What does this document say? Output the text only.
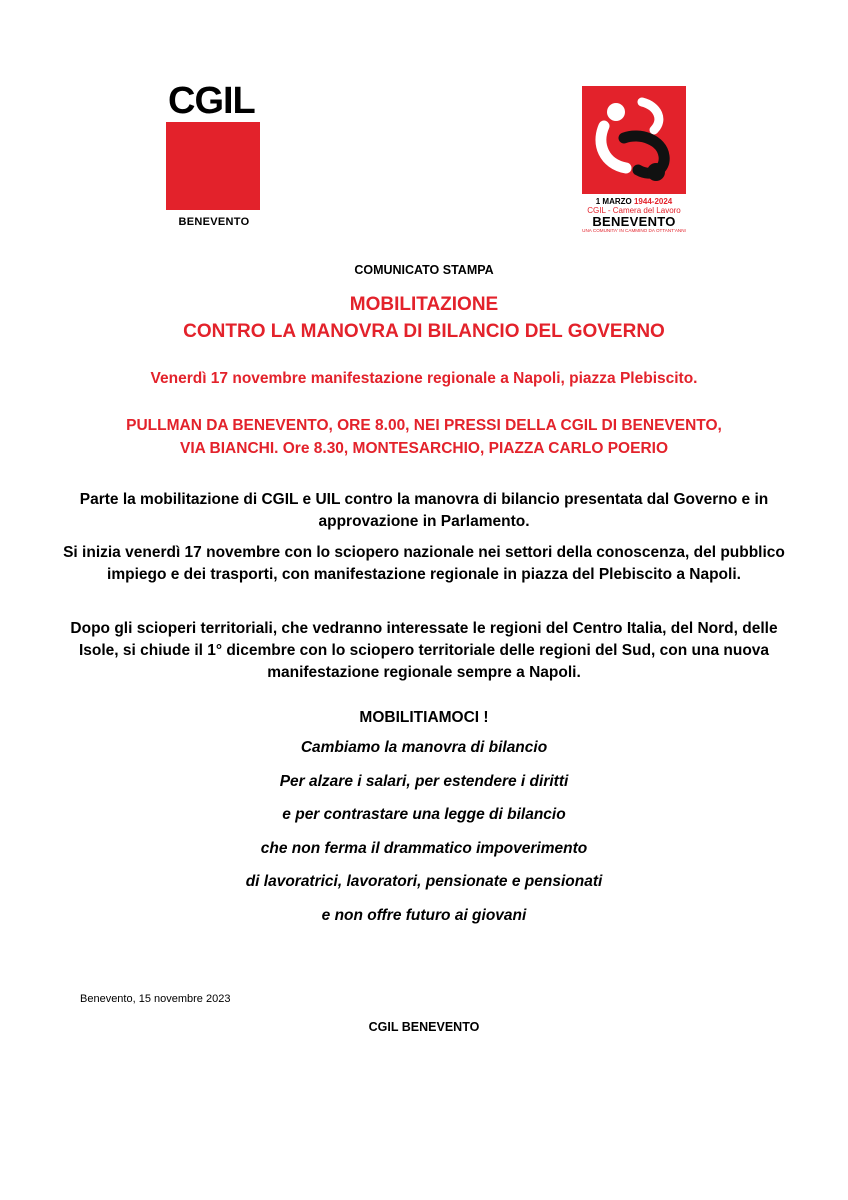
CGIL
BENEVENTO
1 MARZO 1944-2024
CGIL - Camera del Lavoro
BENEVENTO
UNA COMUNITA' IN CAMMINO DA OTTANT'ANNI
COMUNICATO STAMPA
MOBILITAZIONE
CONTRO LA MANOVRA DI BILANCIO DEL GOVERNO
Venerdì 17 novembre manifestazione regionale a Napoli, piazza Plebiscito.
PULLMAN DA BENEVENTO, ORE 8.00, NEI PRESSI DELLA CGIL DI BENEVENTO,
VIA BIANCHI. Ore 8.30, MONTESARCHIO, PIAZZA CARLO POERIO
Parte la mobilitazione di CGIL e UIL contro la manovra di bilancio presentata dal Governo e in approvazione in Parlamento.
Si inizia venerdì 17 novembre con lo sciopero nazionale nei settori della conoscenza, del pubblico impiego e dei trasporti, con manifestazione regionale in piazza del Plebiscito a Napoli.
Dopo gli scioperi territoriali, che vedranno interessate le regioni del Centro Italia, del Nord, delle Isole, si chiude il 1° dicembre con lo sciopero territoriale delle regioni del Sud, con una nuova manifestazione regionale sempre a Napoli.
MOBILITIAMOCI !
Cambiamo la manovra di bilancio
Per alzare i salari, per estendere i diritti
e per contrastare una legge di bilancio
che non ferma il drammatico impoverimento
di lavoratrici, lavoratori, pensionate e pensionati
e non offre futuro ai giovani
Benevento, 15 novembre 2023
CGIL BENEVENTO
